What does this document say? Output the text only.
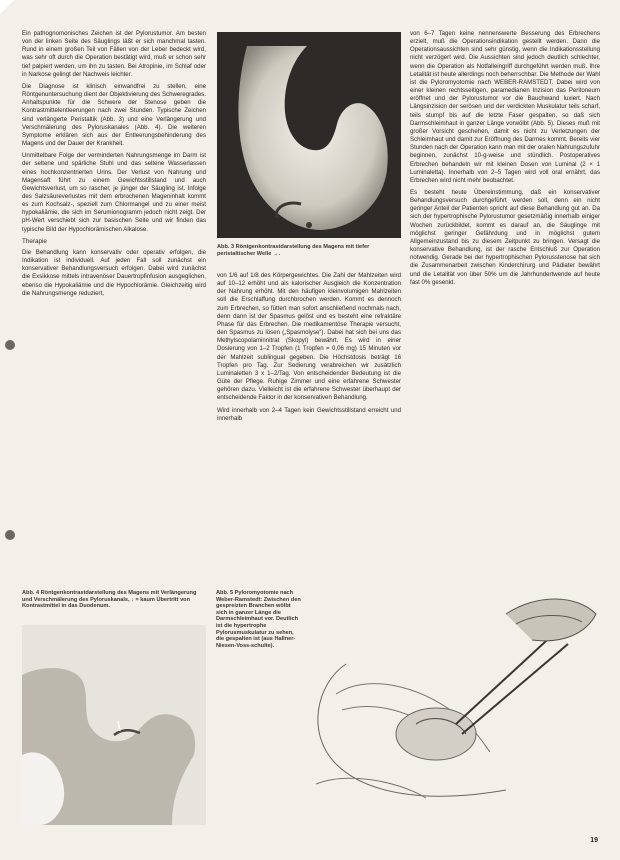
Ein pathognomonisches Zeichen ist der Pylorustumor. Am besten von der linken Seite des Säuglings läßt er sich manchmal tasten. Rund in einem großen Teil von Fällen von der Leber bedeckt wird, was sehr oft durch die Operation bestätigt wird, muß er schon sehr tief palpiert werden, um ihn zu tasten. Bei Atropinie, im Schlaf oder in Narkose gelingt der Nachweis leichter.

Die Diagnose ist klinisch einwandfrei zu stellen, eine Röntgenuntersuchung dient der Objektivierung des Schweregrades. Anhaltspunkte für die Schwere der Stenose geben die Kontrastmittelentleerungen nach zwei Stunden. Typische Zeichen sind verlängerte Peristaltik (Abb. 3) und eine Verlängerung und Verschmälerung des Pyloruskanales (Abb. 4). Die weiteren Symptome erklären sich aus der Entleerungsbehinderung des Magens und der Dauer der Krankheit.

Unmittelbare Folge der verminderten Nahrungsmenge im Darm ist der seltene und spärliche Stuhl und das seltene Wasserlassen eines hochkonzentrierten Urins. Der Verlust von Nahrung und Magensaft führt zu einem Gewichtsstillstand und auch Gewichtsverlust, um so rascher, je jünger der Säugling ist. Infolge des Salzsäureverlustes mit dem erbrochenen Mageninhalt kommt es zum Kochsalz-, speziell zum Chlormangel und zu einer meist hypokaliämie, die sich im Serumionogramm jedoch nicht zeigt. Der pH-Wert verschiebt sich zur basischen Seite und wir finden das typische Bild der Hypochlorämischen Alkalose.

Therapie

Die Behandlung kann konservativ oder operativ erfolgen, die Indikation ist individuell. Auf jeden Fall soll zunächst ein konservativer Behandlungsversuch erfolgen. Dabei wird zunächst die Exsikkose mittels intravenöser Dauertropfinfusion ausgeglichen, ebenso die Hypokaliämie und die Hypochlorämie. Gleichzeitig wird die Nahrungsmenge reduziert,

Abb. 3 Röntgenkontrastdarstellung des Magens mit tiefer peristaltischer Welle →.

von 1/6 auf 1/8 des Körpergewichtes. Die Zahl der Mahlzeiten wird auf 10–12 erhöht und als kalorischer Ausgleich die Konzentration der Nahrung erhöht. Mit den häufigen kleinvolumigen Mahlzeiten soll die Erschlaffung durchbrochen werden. Kommt es dennoch zum Erbrechen, so füttert man sofort anschließend nochmals nach, denn dann ist der Spasmus gelöst und es besteht eine refraktäre Phase für das Erbrechen. Die medikamentöse Therapie versucht, den Spasmus zu lösen („Spasmolyse“). Dabei hat sich bei uns das Methylscopolaminnitrat (Skopyl) bewährt. Es wird in einer Dosierung von 1–2 Tropfen (1 Tropfen = 0,06 mg) 15 Minuten vor der Mahlzeit sublingual gegeben. Die Höchstdosis beträgt 16 Tropfen pro Tag. Zur Sedierung verabreichen wir zusätzlich Luminaletten 3 x 1–2/Tag. Von entscheidender Bedeutung ist die Güte der Pflege. Ruhige Zimmer und eine erfahrene Schwester gehören dazu. Vielleicht ist die erfahrene Schwester überhaupt der entscheidende Faktor in der konservativen Behandlung.

Wird innerhalb von 2–4 Tagen kein Gewichtsstillstand erreicht und innerhalb

von 6–7 Tagen keine nennenswerte Besserung des Erbrechens erzielt, muß die Operationsindikation gestellt werden. Dann die Operationsaussichten sind sehr günstig, wenn die Indikationsstellung nicht verzögert wird. Die Aussichten sind jedoch deutlich schlechter, wenn die Operation als Notfalleingriff durchgeführt werden muß. Ihre Letalität ist heute allerdings noch beherrschbar. Die Methode der Wahl ist die Pyloromyotomie nach WEBER-RAMSTEDT. Dabei wird von einer kleinen rechtsseitigen, paramedianen Inzision das Peritoneum eröffnet und der Pylorustumor vor die Bauchwand luxiert. Nach Längsinzision der serösen und der verdickten Muskulatur teils scharf, teils stumpf bis auf die letzte Faser gespalten, so daß sich Darmschleimhaut in ganzer Länge vorwölbt (Abb. 5). Dieses muß mit großer Vorsicht geschehen, damit es nicht zu Verletzungen der Schleimhaut und damit zur Eröffnung des Darmes kommt. Bereits vier Stunden nach der Operation kann man mit der oralen Nahrungszufuhr beginnen, zunächst 10-g-weise und stündlich. Postoperatives Erbrechen behandeln wir mit kleinen Dosen von Luminal (2 × 1 Luminaletta). Innerhalb von 2–5 Tagen wird voll oral ernährt, das Erbrechen wird nicht mehr beobachtet.

Es besteht heute Übereinstimmung, daß ein konservativer Behandlungsversuch durchgeführt werden soll, denn ein nicht geringer Anteil der Patienten spricht auf diese Behandlung gut an. Da sich der hypertrophische Pylorustumor gesetzmäßig innerhalb einiger Wochen zurückbildet, kommt es darauf an, die Säuglinge mit möglichst geringer Gefährdung und in möglichst gutem Allgemeinzustand bis zu diesem Zeitpunkt zu bringen. Versagt die konservative Behandlung, ist der rasche Entschluß zur Operation notwendig. Gerade bei der hypertrophischen Pylorusstenose hat sich die Zusammenarbeit zwischen Kinderchirurg und Pädiater bewährt und die Letalität von über 50% um die Jahrhundertwende auf heute fast 0% gesenkt.

Abb. 4 Röntgenkontrastdarstellung des Magens mit Verlängerung und Verschmälerung des Pyloruskanals, ↓ = kaum Übertritt von Kontrastmittel in das Duodenum.
Abb. 5 Pyloromyotomie nach Weber-Ramstedt: Zwischen den gespreizten Branchen wölbt sich in ganzer Länge die Darmschleimhaut vor. Deutlich ist die hypertrophe Pylorusmuskulatur zu sehen, die gespalten ist (aus Hallner-Niesen-Voss-schulte).
19
